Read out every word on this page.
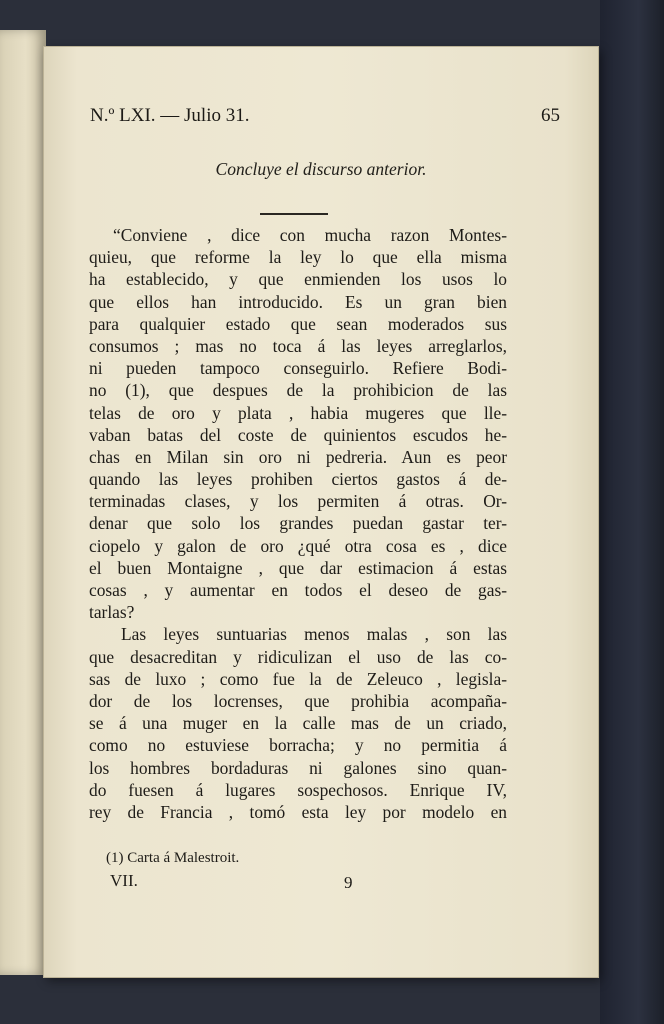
N.º LXI. — Julio 31.	65
Concluye el discurso anterior.
“Conviene , dice con mucha razon Montes-
quieu, que reforme la ley lo que ella misma
ha establecido, y que enmienden los usos lo
que ellos han introducido. Es un gran bien
para qualquier estado que sean moderados sus
consumos ; mas no toca á las leyes arreglarlos,
ni pueden tampoco conseguirlo. Refiere Bodi-
no (1), que despues de la prohibicion de las
telas de oro y plata , habia mugeres que lle-
vaban batas del coste de quinientos escudos he-
chas en Milan sin oro ni pedreria. Aun es peor
quando las leyes prohiben ciertos gastos á de-
terminadas clases, y los permiten á otras. Or-
denar que solo los grandes puedan gastar ter-
ciopelo y galon de oro ¿qué otra cosa es , dice
el buen Montaigne , que dar estimacion á estas
cosas , y aumentar en todos el deseo de gas-
tarlas?
Las leyes suntuarias menos malas , son las
que desacreditan y ridiculizan el uso de las co-
sas de luxo ; como fue la de Zeleuco , legisla-
dor de los locrenses, que prohibia acompaña-
se á una muger en la calle mas de un criado,
como no estuviese borracha; y no permitia á
los hombres bordaduras ni galones sino quan-
do fuesen á lugares sospechosos. Enrique IV,
rey de Francia , tomó esta ley por modelo en
(1) Carta á Malestroit.
VII.	9
